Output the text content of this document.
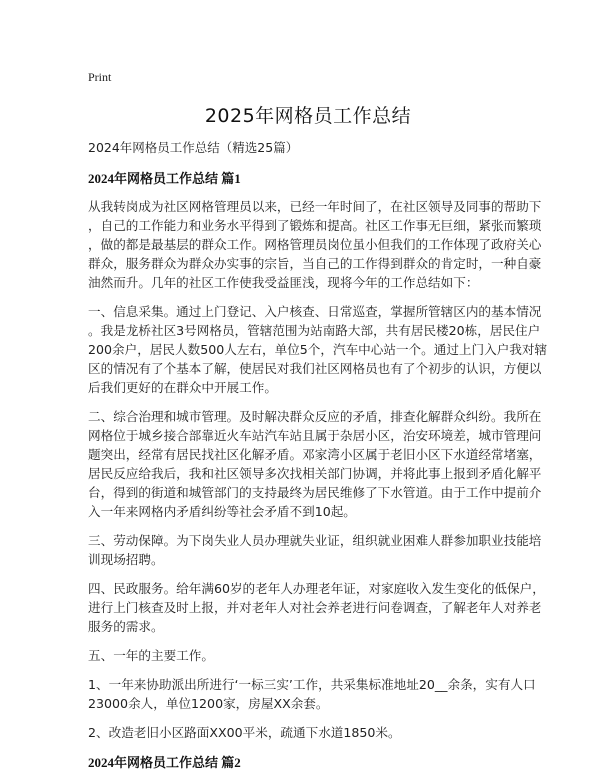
Print
2025年网格员工作总结
2024年网格员工作总结（精选25篇）
2024年网格员工作总结 篇1
从我转岗成为社区网格管理员以来，已经一年时间了，在社区领导及同事的帮助下
，自己的工作能力和业务水平得到了锻炼和提高。社区工作事无巨细，紧张而繁琐
，做的都是最基层的群众工作。网格管理员岗位虽小但我们的工作体现了政府关心
群众，服务群众为群众办实事的宗旨，当自己的工作得到群众的肯定时，一种自豪
油然而升。几年的社区工作使我受益匪浅，现将今年的工作总结如下：
一、信息采集。通过上门登记、入户核查、日常巡查，掌握所管辖区内的基本情况
。我是龙桥社区3号网格员，管辖范围为站南路大部，共有居民楼20栋，居民住户
200余户，居民人数500人左右，单位5个，汽车中心站一个。通过上门入户我对辖
区的情况有了个基本了解，使居民对我们社区网格员也有了个初步的认识，方便以
后我们更好的在群众中开展工作。
二、综合治理和城市管理。及时解决群众反应的矛盾，排查化解群众纠纷。我所在
网格位于城乡接合部靠近火车站汽车站且属于杂居小区，治安环境差，城市管理问
题突出，经常有居民找社区化解矛盾。邓家湾小区属于老旧小区下水道经常堵塞，
居民反应给我后，我和社区领导多次找相关部门协调，并将此事上报到矛盾化解平
台，得到的街道和城管部门的支持最终为居民维修了下水管道。由于工作中提前介
入一年来网格内矛盾纠纷等社会矛盾不到10起。
三、劳动保障。为下岗失业人员办理就失业证，组织就业困难人群参加职业技能培
训现场招聘。
四、民政服务。给年满60岁的老年人办理老年证，对家庭收入发生变化的低保户，
进行上门核查及时上报，并对老年人对社会养老进行问卷调查，了解老年人对养老
服务的需求。
五、一年的主要工作。
1、一年来协助派出所进行‘一标三实’工作，共采集标准地址20__余条，实有人口
23000余人，单位1200家，房屋XX余套。
2、改造老旧小区路面XX00平米，疏通下水道1850米。
2024年网格员工作总结 篇2
